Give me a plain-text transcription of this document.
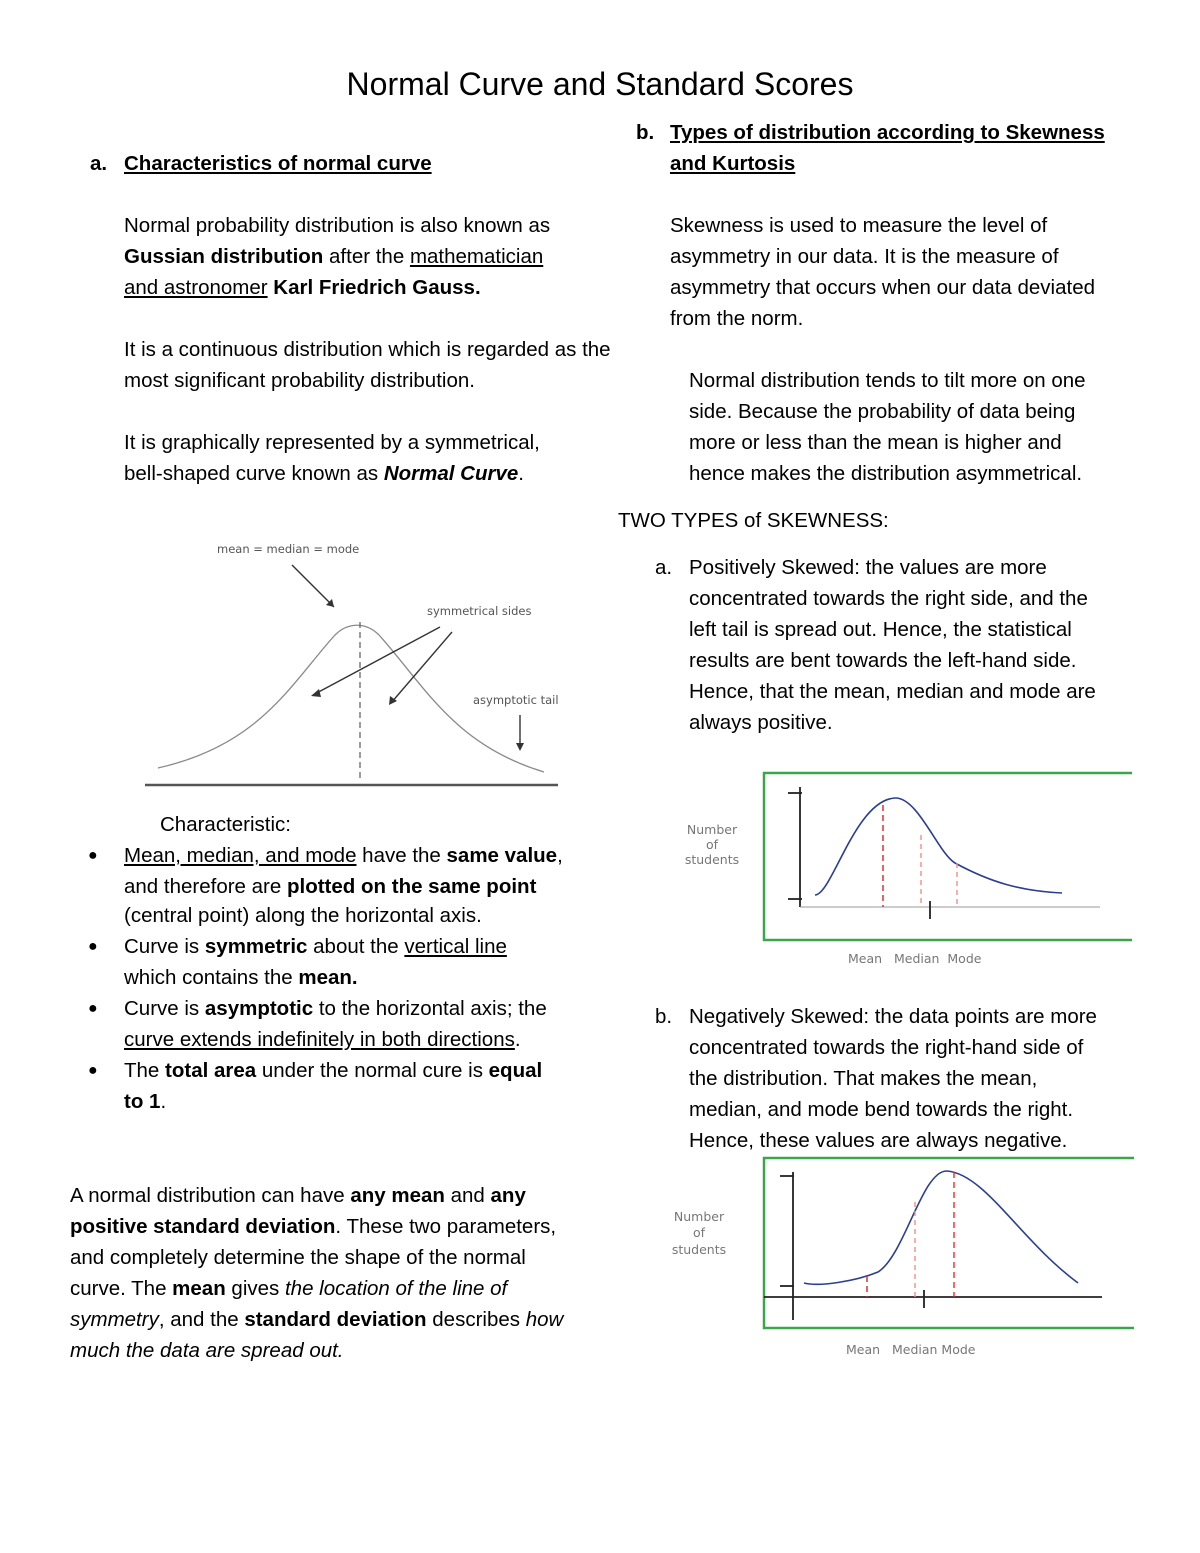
Normal Curve and Standard Scores
a. Characteristics of normal curve

Normal probability distribution is also known as

Gussian distribution after the mathematician

and astronomer Karl Friedrich Gauss.

It is a continuous distribution which is regarded as the

most significant probability distribution.

It is graphically represented by a symmetrical,

bell-shaped curve known as Normal Curve.

mean = median = mode
symmetrical sides
asymptotic tail

Characteristic:

● Mean, median, and mode have the same value,

and therefore are plotted on the same point

(central point) along the horizontal axis.

● Curve is symmetric about the vertical line

which contains the mean.

● Curve is asymptotic to the horizontal axis; the

curve extends indefinitely in both directions.

● The total area under the normal cure is equal

to 1.

A normal distribution can have any mean and any

positive standard deviation. These two parameters,

and completely determine the shape of the normal

curve. The mean gives the location of the line of

symmetry, and the standard deviation describes how

much the data are spread out.

b. Types of distribution according to Skewness

and Kurtosis

Skewness is used to measure the level of

asymmetry in our data. It is the measure of

asymmetry that occurs when our data deviated

from the norm.

Normal distribution tends to tilt more on one

side. Because the probability of data being

more or less than the mean is higher and

hence makes the distribution asymmetrical.

TWO TYPES of SKEWNESS:

a. Positively Skewed: the values are more

concentrated towards the right side, and the

left tail is spread out. Hence, the statistical

results are bent towards the left-hand side.

Hence, that the mean, median and mode are

always positive.

Number
of
students
Mean   Median  Mode
b. Negatively Skewed: the data points are more

concentrated towards the right-hand side of

the distribution. That makes the mean,

median, and mode bend towards the right.

Hence, these values are always negative.

Number
of
students
Mean   Median Mode
